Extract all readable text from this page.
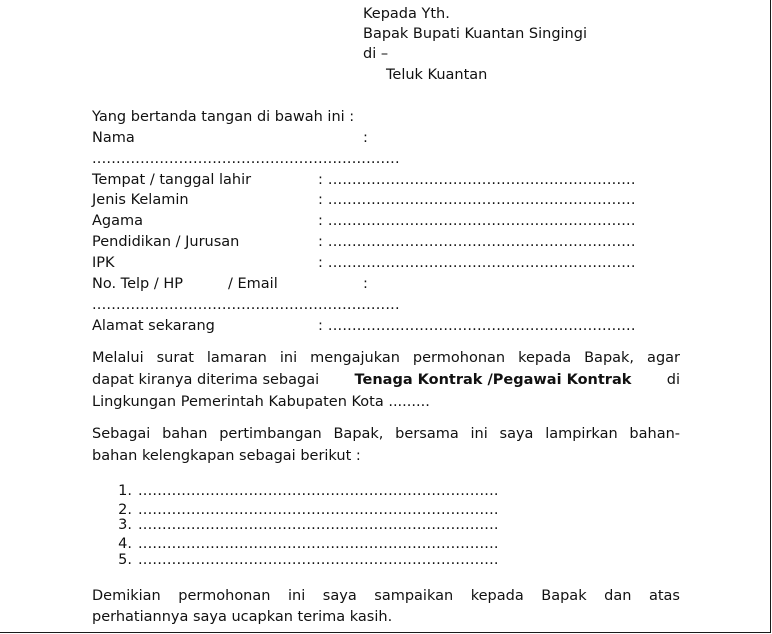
Kepada Yth.
Bapak Bupati Kuantan Singingi
di –
Teluk Kuantan
Yang bertanda tangan di bawah ini :
Nama	:
................................................................
Tempat / tanggal lahir	: ................................................................
Jenis Kelamin	: ................................................................
Agama	: ................................................................
Pendidikan / Jurusan	: ................................................................
IPK	: ................................................................
No. Telp / HP	/ Email	:
................................................................
Alamat sekarang	: ................................................................
Melalui surat lamaran ini mengajukan permohonan kepada Bapak, agar
dapat kiranya diterima sebagai Tenaga Kontrak /Pegawai Kontrak di
Lingkungan Pemerintah Kabupaten Kota .........
Sebagai bahan pertimbangan Bapak, bersama ini saya lampirkan bahan-
bahan kelengkapan sebagai berikut :
1. ...........................................................................
2. ...........................................................................
3. ...........................................................................
4. ...........................................................................
5. ...........................................................................
Demikian permohonan ini saya sampaikan kepada Bapak dan atas
perhatiannya saya ucapkan terima kasih.
